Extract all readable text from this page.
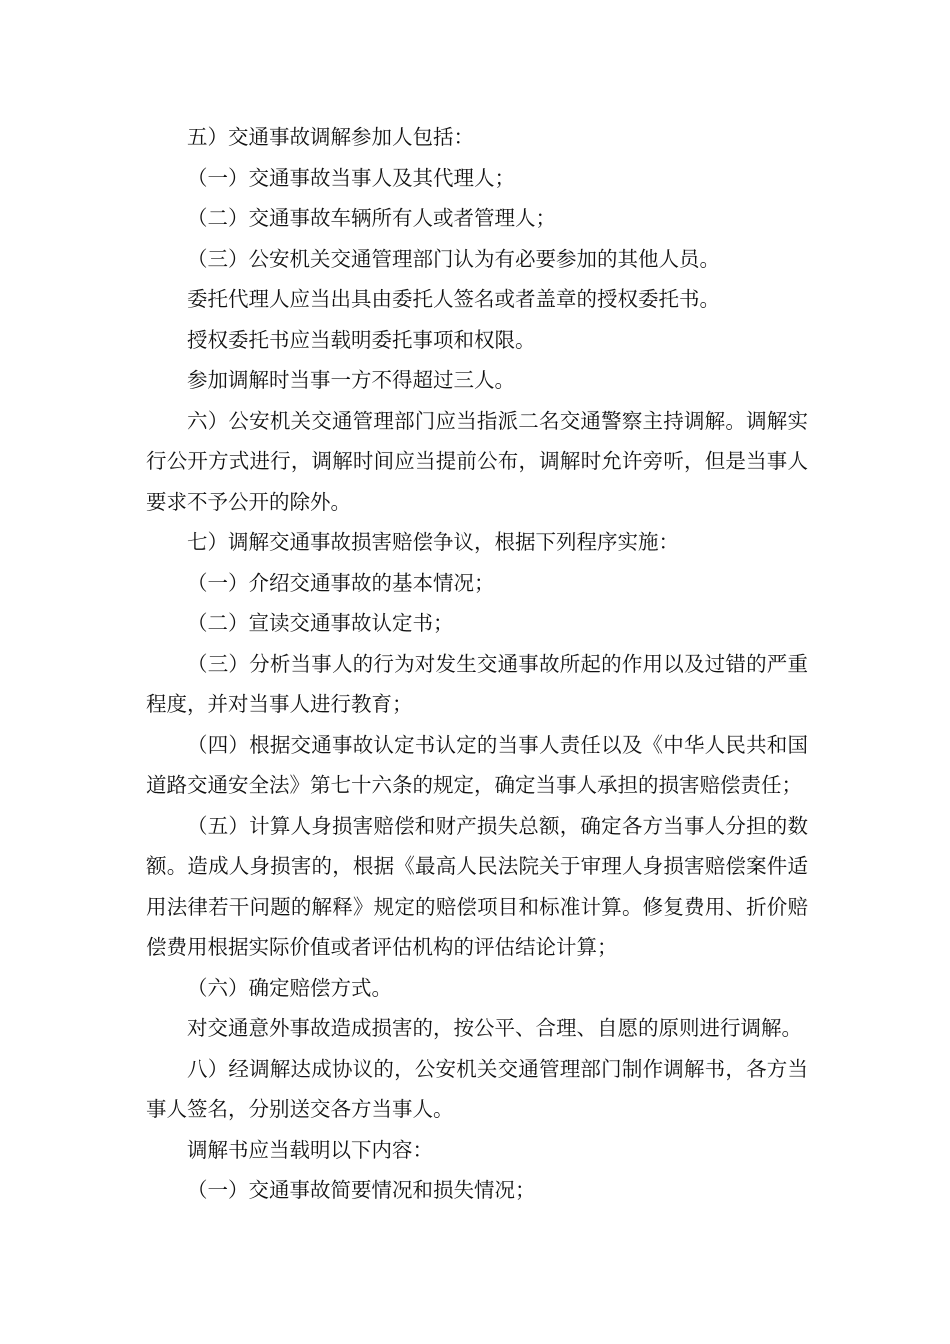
五）交通事故调解参加人包括：

（一）交通事故当事人及其代理人；

（二）交通事故车辆所有人或者管理人；

（三）公安机关交通管理部门认为有必要参加的其他人员。

委托代理人应当出具由委托人签名或者盖章的授权委托书。

授权委托书应当载明委托事项和权限。

参加调解时当事一方不得超过三人。

六）公安机关交通管理部门应当指派二名交通警察主持调解。调解实行公开方式进行，调解时间应当提前公布，调解时允许旁听，但是当事人要求不予公开的除外。

七）调解交通事故损害赔偿争议，根据下列程序实施：

（一）介绍交通事故的基本情况；

（二）宣读交通事故认定书；

（三）分析当事人的行为对发生交通事故所起的作用以及过错的严重程度，并对当事人进行教育；

（四）根据交通事故认定书认定的当事人责任以及《中华人民共和国道路交通安全法》第七十六条的规定，确定当事人承担的损害赔偿责任；

（五）计算人身损害赔偿和财产损失总额，确定各方当事人分担的数额。造成人身损害的，根据《最高人民法院关于审理人身损害赔偿案件适用法律若干问题的解释》规定的赔偿项目和标准计算。修复费用、折价赔偿费用根据实际价值或者评估机构的评估结论计算；

（六）确定赔偿方式。

对交通意外事故造成损害的，按公平、合理、自愿的原则进行调解。

八）经调解达成协议的，公安机关交通管理部门制作调解书，各方当事人签名，分别送交各方当事人。

调解书应当载明以下内容：

（一）交通事故简要情况和损失情况；
